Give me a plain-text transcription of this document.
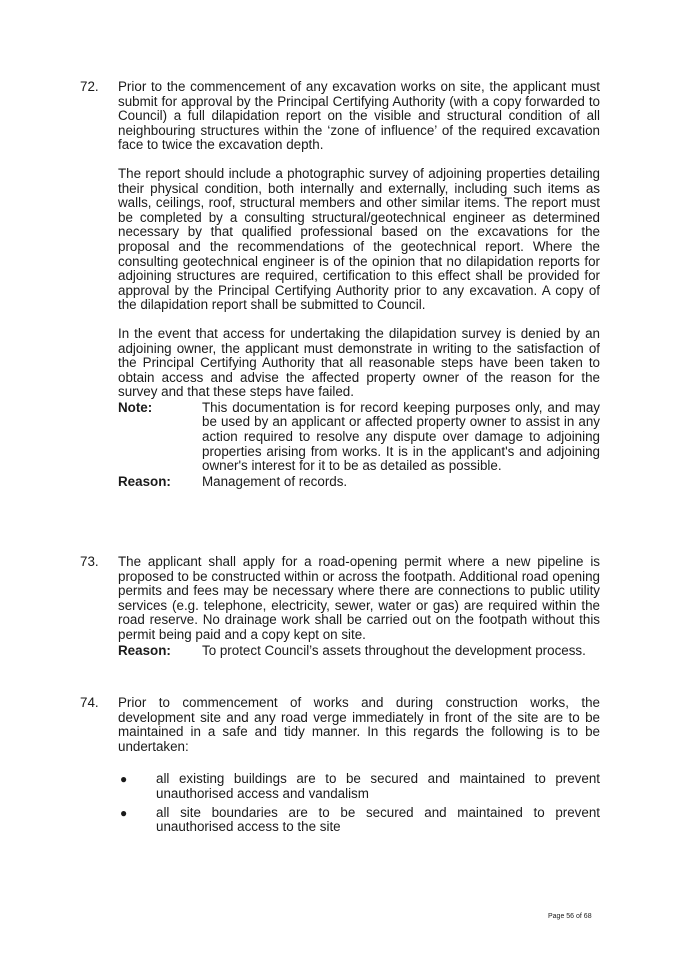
72. Prior to the commencement of any excavation works on site, the applicant must submit for approval by the Principal Certifying Authority (with a copy forwarded to Council) a full dilapidation report on the visible and structural condition of all neighbouring structures within the ‘zone of influence’ of the required excavation face to twice the excavation depth.

The report should include a photographic survey of adjoining properties detailing their physical condition, both internally and externally, including such items as walls, ceilings, roof, structural members and other similar items. The report must be completed by a consulting structural/geotechnical engineer as determined necessary by that qualified professional based on the excavations for the proposal and the recommendations of the geotechnical report. Where the consulting geotechnical engineer is of the opinion that no dilapidation reports for adjoining structures are required, certification to this effect shall be provided for approval by the Principal Certifying Authority prior to any excavation. A copy of the dilapidation report shall be submitted to Council.

In the event that access for undertaking the dilapidation survey is denied by an adjoining owner, the applicant must demonstrate in writing to the satisfaction of the Principal Certifying Authority that all reasonable steps have been taken to obtain access and advise the affected property owner of the reason for the survey and that these steps have failed.

Note:	This documentation is for record keeping purposes only, and may be used by an applicant or affected property owner to assist in any action required to resolve any dispute over damage to adjoining properties arising from works. It is in the applicant's and adjoining owner's interest for it to be as detailed as possible.
Reason:	Management of records.
73. The applicant shall apply for a road-opening permit where a new pipeline is proposed to be constructed within or across the footpath. Additional road opening permits and fees may be necessary where there are connections to public utility services (e.g. telephone, electricity, sewer, water or gas) are required within the road reserve. No drainage work shall be carried out on the footpath without this permit being paid and a copy kept on site.

Reason:	To protect Council’s assets throughout the development process.
74. Prior to commencement of works and during construction works, the development site and any road verge immediately in front of the site are to be maintained in a safe and tidy manner. In this regards the following is to be undertaken:

● all existing buildings are to be secured and maintained to prevent unauthorised access and vandalism
● all site boundaries are to be secured and maintained to prevent unauthorised access to the site
Page 56 of 68
